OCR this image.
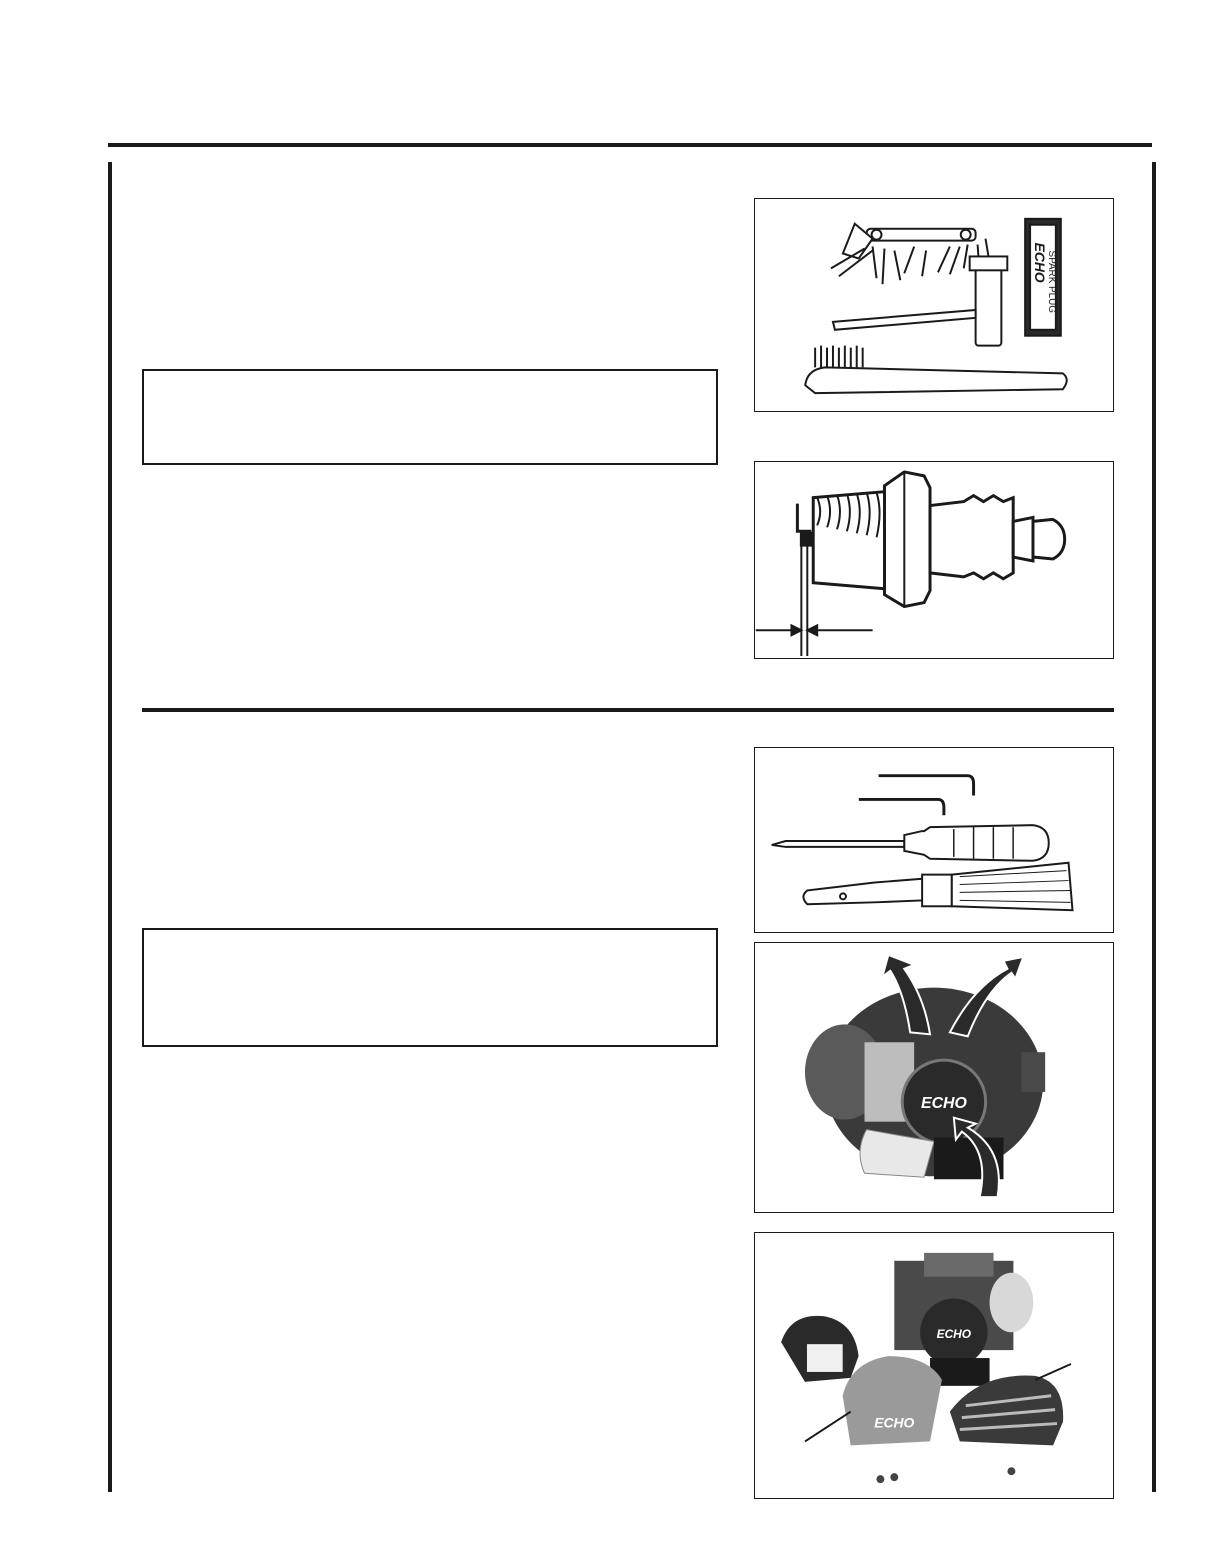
SPARK PLUG
ECHO
ECHO
ECHO
ECHO
